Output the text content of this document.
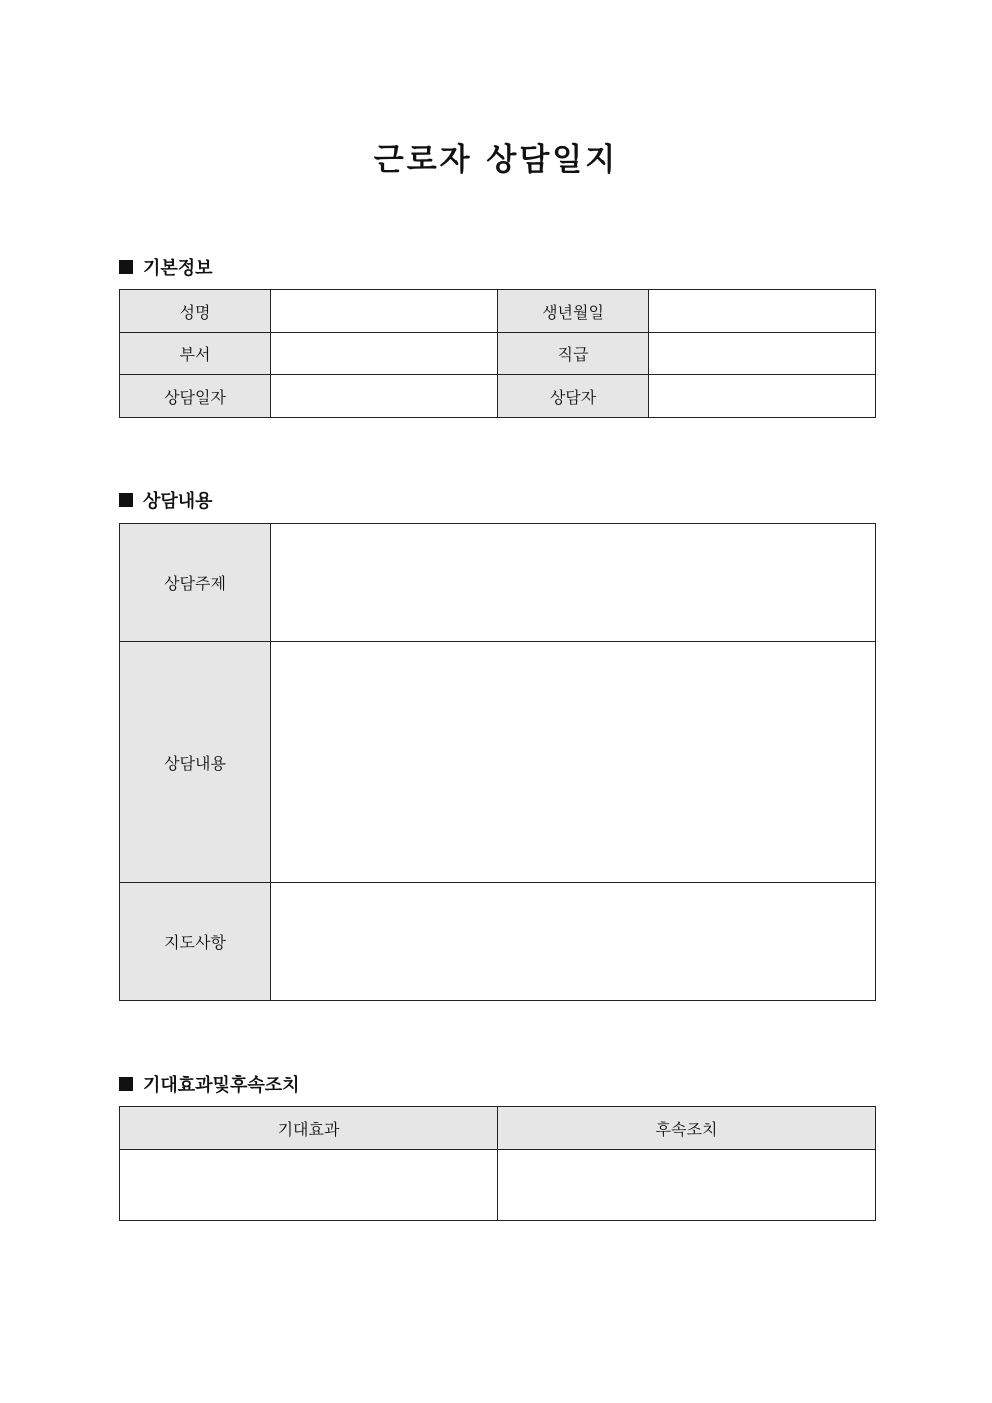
근로자 상담일지
기본정보
성명		생년월일	
부서		직급	
상담일자		상담자	
상담내용
상담주제	
상담내용	
지도사항	
기대효과및후속조치
기대효과	후속조치
